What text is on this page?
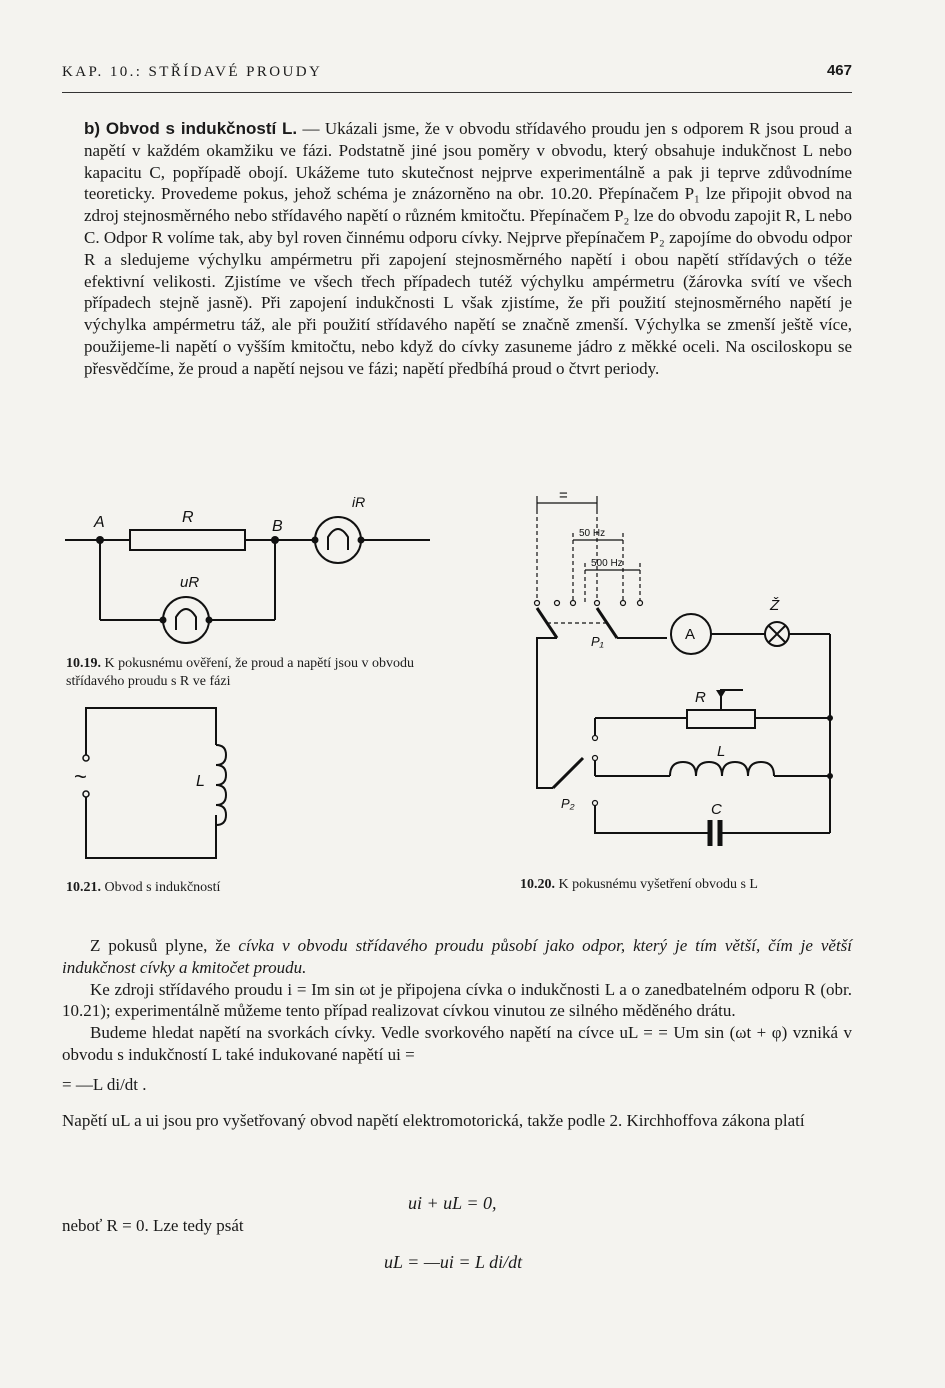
KAP. 10.: STŘÍDAVÉ PROUDY	467
b) Obvod s indukčností L. — Ukázali jsme, že v obvodu střídavého proudu jen s odporem R jsou proud a napětí v každém okamžiku ve fázi. Podstatně jiné jsou poměry v obvodu, který obsahuje indukčnost L nebo kapacitu C, popřípadě obojí. Ukážeme tuto skutečnost nejprve experimentálně a pak ji teprve zdůvodníme teoreticky. Provedeme pokus, jehož schéma je znázorněno na obr. 10.20. Přepínačem P₁ lze připojit obvod na zdroj stejnosměrného nebo střídavého napětí o různém kmitočtu. Přepínačem P₂ lze do obvodu zapojit R, L nebo C. Odpor R volíme tak, aby byl roven činnému odporu cívky. Nejprve přepínačem P₂ zapojíme do obvodu odpor R a sledujeme výchylku ampérmetru při zapojení stejnosměrného napětí i obou napětí střídavých o téže efektivní velikosti. Zjistíme ve všech třech případech tutéž výchylku ampérmetru (žárovka svítí ve všech případech stejně jasně). Při zapojení indukčnosti L však zjistíme, že při použití stejnosměrného napětí je výchylka ampérmetru táž, ale při použití střídavého napětí se značně zmenší. Výchylka se zmenší ještě více, použijeme-li napětí o vyšším kmitočtu, nebo když do cívky zasuneme jádro z měkké oceli. Na osciloskopu se přesvědčíme, že proud a napětí nejsou ve fázi; napětí předbíhá proud o čtvrt periody.
A	R
B
iR
uR
10.19. K pokusnému ověření, že proud a napětí jsou v obvodu střídavého proudu s R ve fázi
~	L
10.21. Obvod s indukčností
=
50 Hz
500 Hz
P₁
P₂
A
Ž
R
L
C
10.20. K pokusnému vyšetření obvodu s L

Z pokusů plyne, že cívka v obvodu střídavého proudu působí jako odpor, který je tím větší, čím je větší indukčnost cívky a kmitočet proudu.

Ke zdroji střídavého proudu i = Im sin ωt je připojena cívka o indukčnosti L a o zanedbatelném odporu R (obr. 10.21); experimentálně můžeme tento případ realizovat cívkou vinutou ze silného měděného drátu.

Budeme hledat napětí na svorkách cívky. Vedle svorkového napětí na cívce uL = = Um sin (ωt + φ) vzniká v obvodu s indukčností L také indukované napětí ui =

= —L di/dt .

Napětí uL a ui jsou pro vyšetřovaný obvod napětí elektromotorická, takže podle 2. Kirchhoffova zákona platí

ui + uL = 0,
neboť R = 0. Lze tedy psát
uL = —ui = L di/dt
